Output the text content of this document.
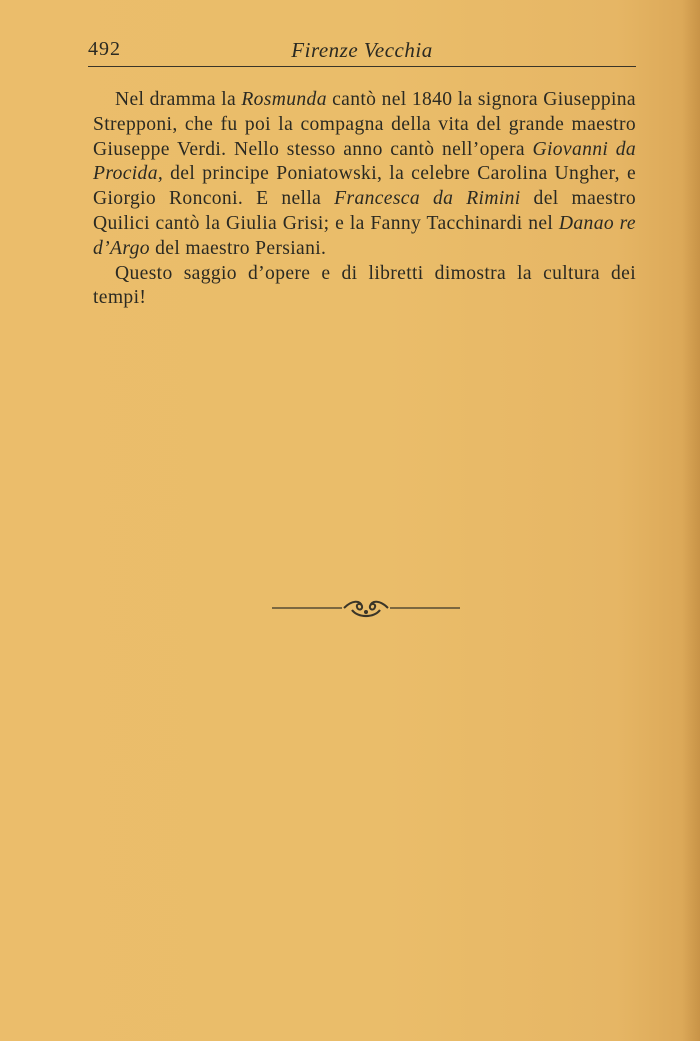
492	Firenze Vecchia

Nel dramma la Rosmunda cantò nel 1840 la signora Giuseppina Strepponi, che fu poi la compagna della vita del grande maestro Giuseppe Verdi. Nello stesso anno cantò nell’opera Giovanni da Procida, del principe Poniatowski, la celebre Carolina Ungher, e Giorgio Ronconi. E nella Francesca da Rimini del maestro Quilici cantò la Giulia Grisi; e la Fanny Tacchinardi nel Danao re d’Argo del maestro Persiani.

Questo saggio d’opere e di libretti dimostra la cultura dei tempi!
